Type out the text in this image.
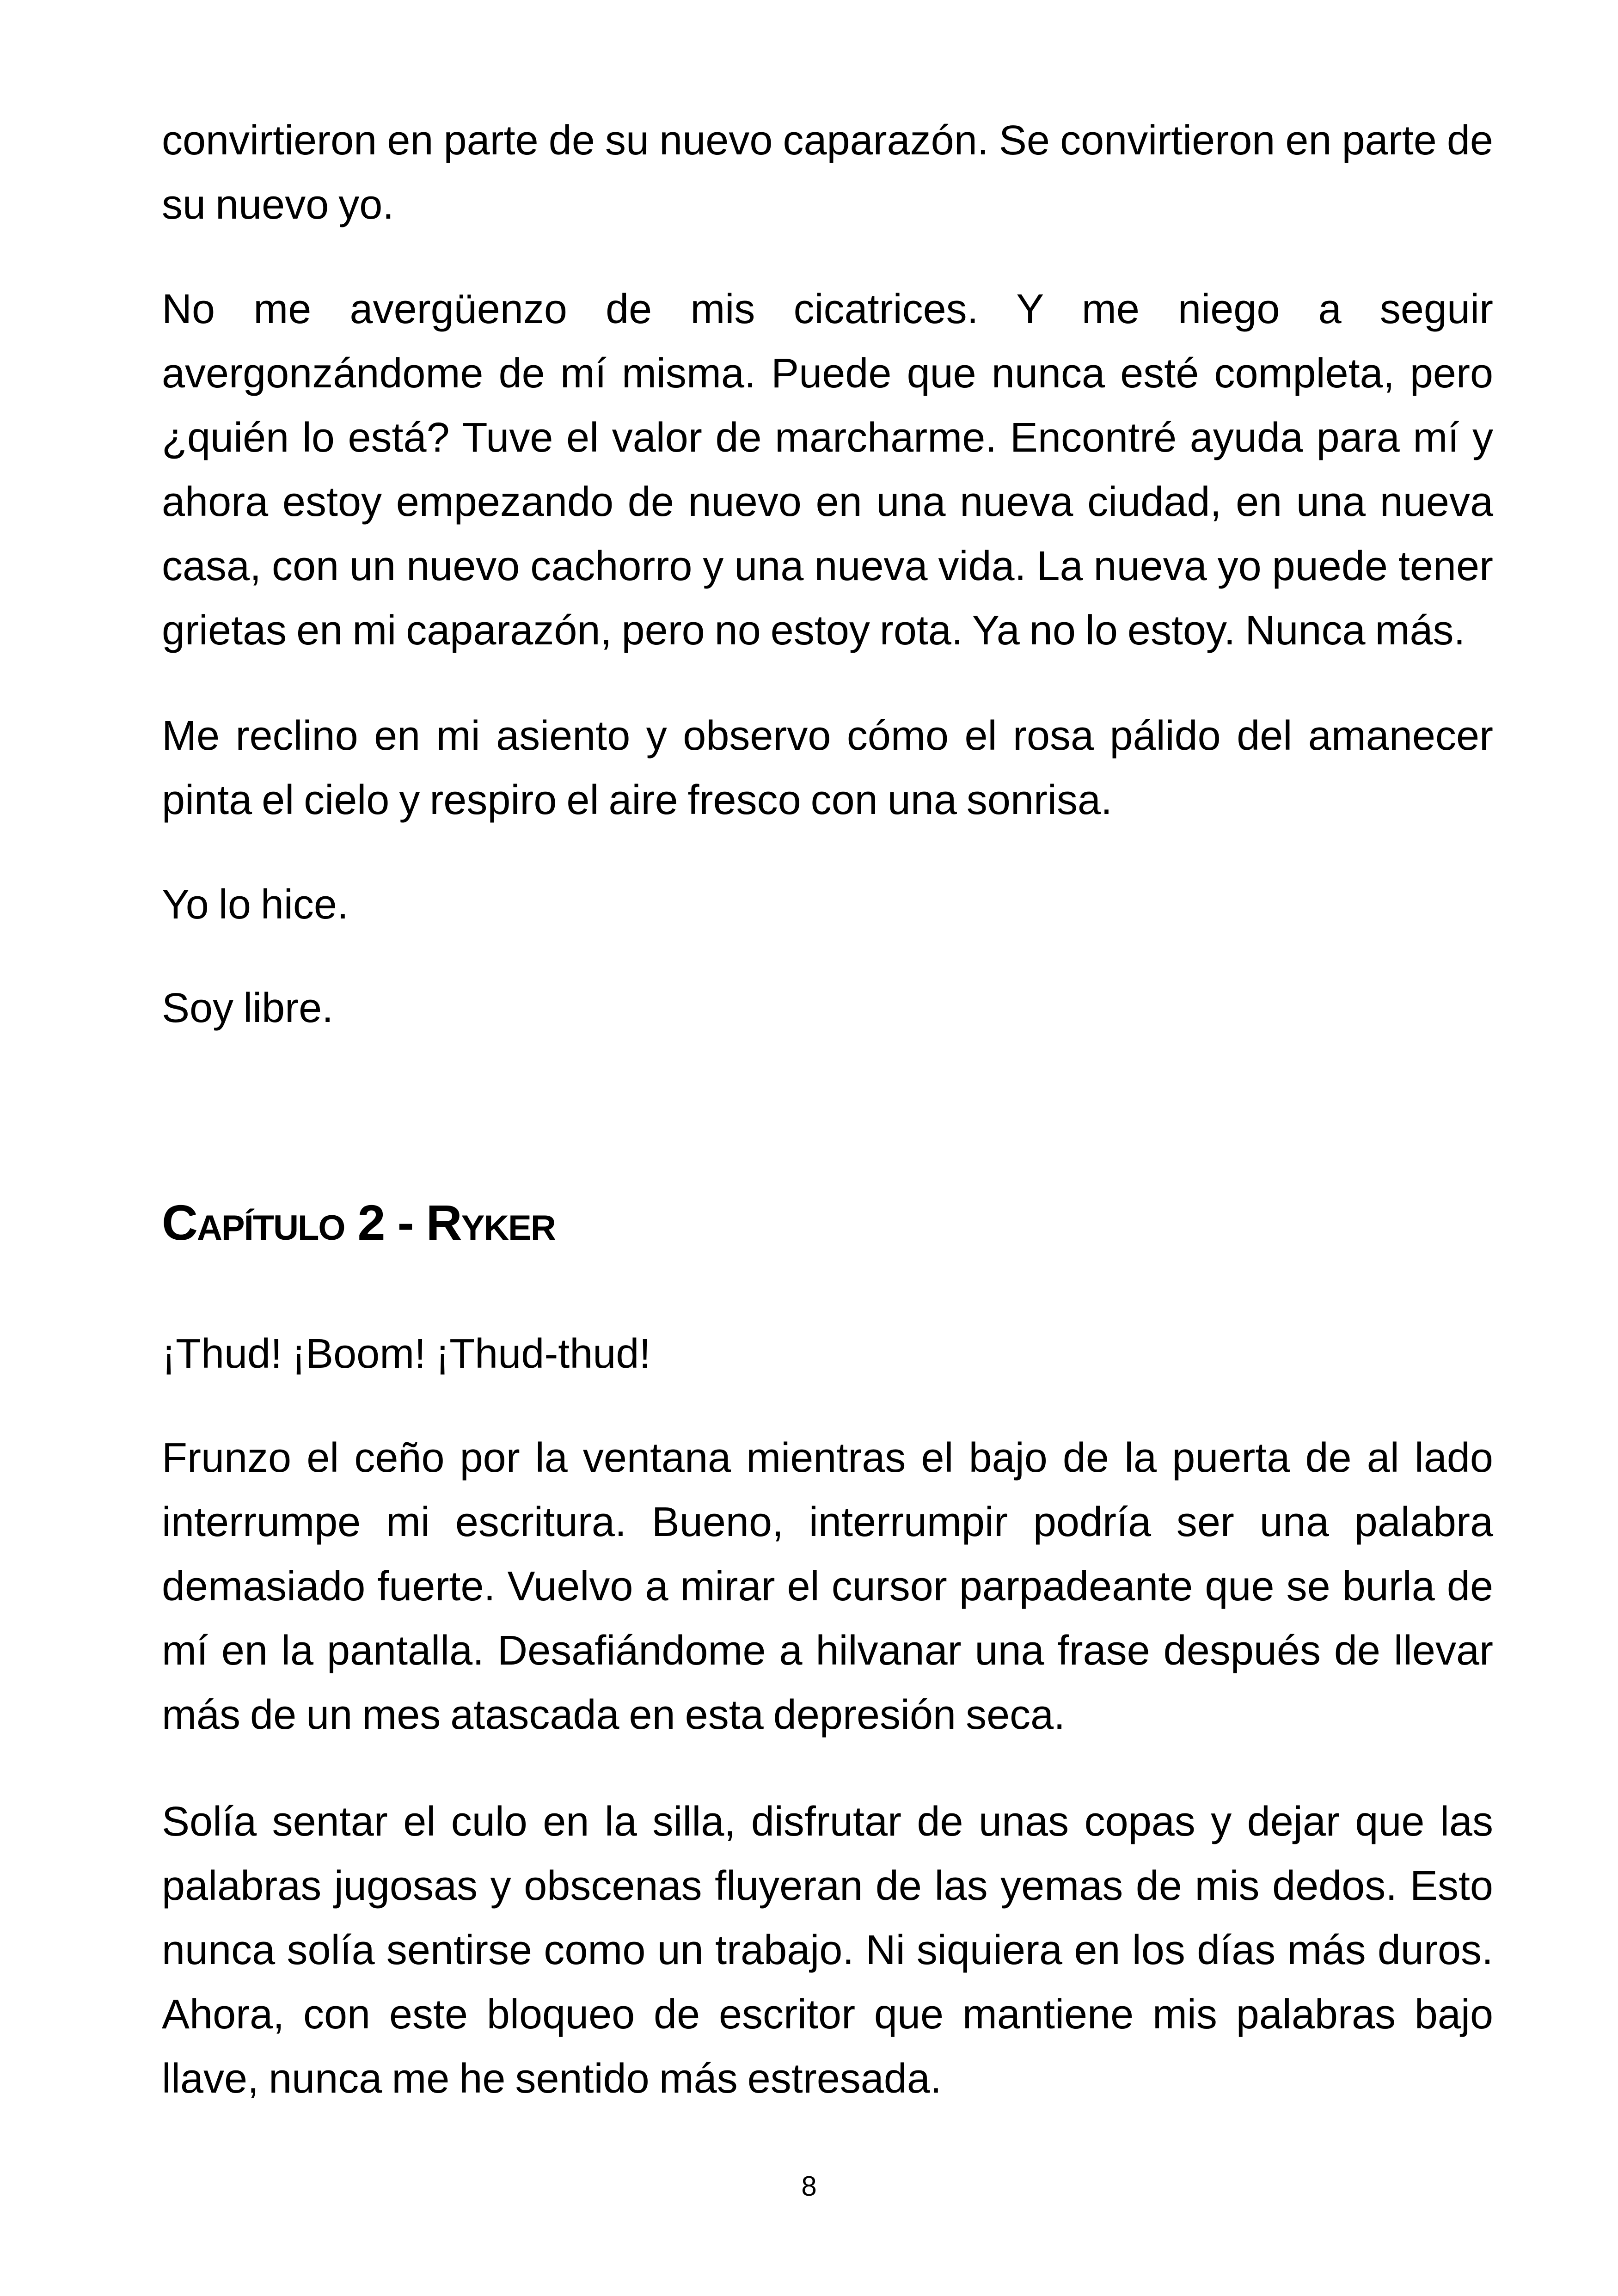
convirtieron en parte de su nuevo caparazón. Se convirtieron en parte de su nuevo yo.

No me avergüenzo de mis cicatrices. Y me niego a seguir avergonzándome de mí misma. Puede que nunca esté completa, pero ¿quién lo está? Tuve el valor de marcharme. Encontré ayuda para mí y ahora estoy empezando de nuevo en una nueva ciudad, en una nueva casa, con un nuevo cachorro y una nueva vida. La nueva yo puede tener grietas en mi caparazón, pero no estoy rota. Ya no lo estoy. Nunca más.

Me reclino en mi asiento y observo cómo el rosa pálido del amanecer pinta el cielo y respiro el aire fresco con una sonrisa.

Yo lo hice.

Soy libre.

Capítulo 2 - Ryker

¡Thud! ¡Boom! ¡Thud-thud!

Frunzo el ceño por la ventana mientras el bajo de la puerta de al lado interrumpe mi escritura. Bueno, interrumpir podría ser una palabra demasiado fuerte. Vuelvo a mirar el cursor parpadeante que se burla de mí en la pantalla. Desafiándome a hilvanar una frase después de llevar más de un mes atascada en esta depresión seca.

Solía sentar el culo en la silla, disfrutar de unas copas y dejar que las palabras jugosas y obscenas fluyeran de las yemas de mis dedos. Esto nunca solía sentirse como un trabajo. Ni siquiera en los días más duros. Ahora, con este bloqueo de escritor que mantiene mis palabras bajo llave, nunca me he sentido más estresada.

8
